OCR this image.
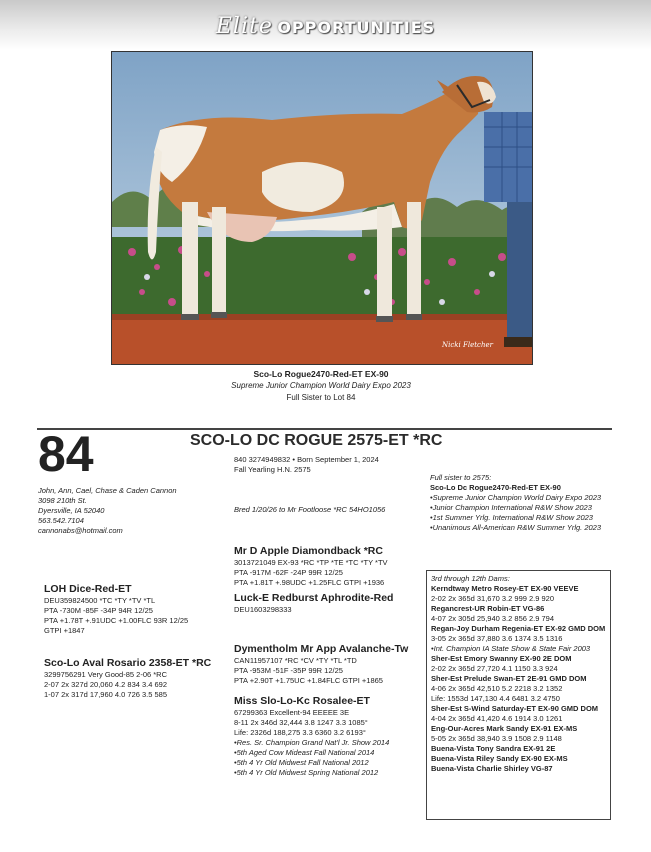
Elite OPPORTUNITIES
Nicki Fletcher
Sco-Lo Rogue2470-Red-ET EX-90
Supreme Junior Champion World Dairy Expo 2023
Full Sister to Lot 84
84	SCO-LO DC ROGUE 2575-ET *RC
840 3274949832 • Born September 1, 2024
Fall Yearling H.N. 2575
Bred 1/20/26 to Mr Footloose *RC 54HO1056
John, Ann, Cael, Chase & Caden Cannon
3098 210th St.
Dyersville, IA 52040
563.542.7104
cannonabs@hotmail.com
Full sister to 2575:
Sco-Lo Dc Rogue2470-Red-ET EX-90
•Supreme Junior Champion World Dairy Expo 2023
•Junior Champion International R&W Show 2023
•1st Summer Yrlg. International R&W Show 2023
•Unanimous All-American R&W Summer Yrlg. 2023
Mr D Apple Diamondback *RC
3013721049 EX-93 *RC *TP *TE *TC *TY *TV
PTA -917M -62F -24P 99R 12/25
PTA +1.81T +.98UDC +1.25FLC GTPI +1936
Luck-E Redburst Aphrodite-Red
DEU1603298333
LOH Dice-Red-ET
DEU359824500 *TC *TY *TV *TL
PTA -730M -85F -34P 94R 12/25
PTA +1.78T +.91UDC +1.00FLC 93R 12/25
GTPI +1847
Sco-Lo Aval Rosario 2358-ET *RC
3299756291 Very Good-85 2-06 *RC
2-07 2x 327d 20,060 4.2 834 3.4 692
1-07 2x 317d 17,960 4.0 726 3.5 585
Dymentholm Mr App Avalanche-Tw
CAN11957107 *RC *CV *TY *TL *TD
PTA -953M -51F -35P 99R 12/25
PTA +2.90T +1.75UC +1.84FLC GTPI +1865
Miss Slo-Lo-Kc Rosalee-ET
67299363 Excellent-94 EEEEE 3E
8-11 2x 346d 32,444 3.8 1247 3.3 1085°
Life: 2326d 188,275 3.3 6360 3.2 6193°
•Res. Sr. Champion Grand Nat'l Jr. Show 2014
•5th Aged Cow Mideast Fall National 2014
•5th 4 Yr Old Midwest Fall National 2012
•5th 4 Yr Old Midwest Spring National 2012
3rd through 12th Dams:
Kerndtway Metro Rosey-ET EX-90 VEEVE
2-02 2x 365d 31,670 3.2 999 2.9 920
Regancrest-UR Robin-ET VG-86
4-07 2x 305d 25,940 3.2 856 2.9 794
Regan-Joy Durham Regenia-ET EX-92 GMD DOM
3-05 2x 365d 37,880 3.6 1374 3.5 1316
•Int. Champion IA State Show & State Fair 2003
Sher-Est Emory Swanny EX-90 2E DOM
2-02 2x 365d 27,720 4.1 1150 3.3 924
Sher-Est Prelude Swan-ET 2E-91 GMD DOM
4-06 2x 365d 42,510 5.2 2218 3.2 1352
Life: 1553d 147,130 4.4 6481 3.2 4750
Sher-Est S-Wind Saturday-ET EX-90 GMD DOM
4-04 2x 365d 41,420 4.6 1914 3.0 1261
Eng-Our-Acres Mark Sandy EX-91 EX-MS
5-05 2x 365d 38,940 3.9 1508 2.9 1148
Buena-Vista Tony Sandra EX-91 2E
Buena-Vista Riley Sandy EX-90 EX-MS
Buena-Vista Charlie Shirley VG-87
